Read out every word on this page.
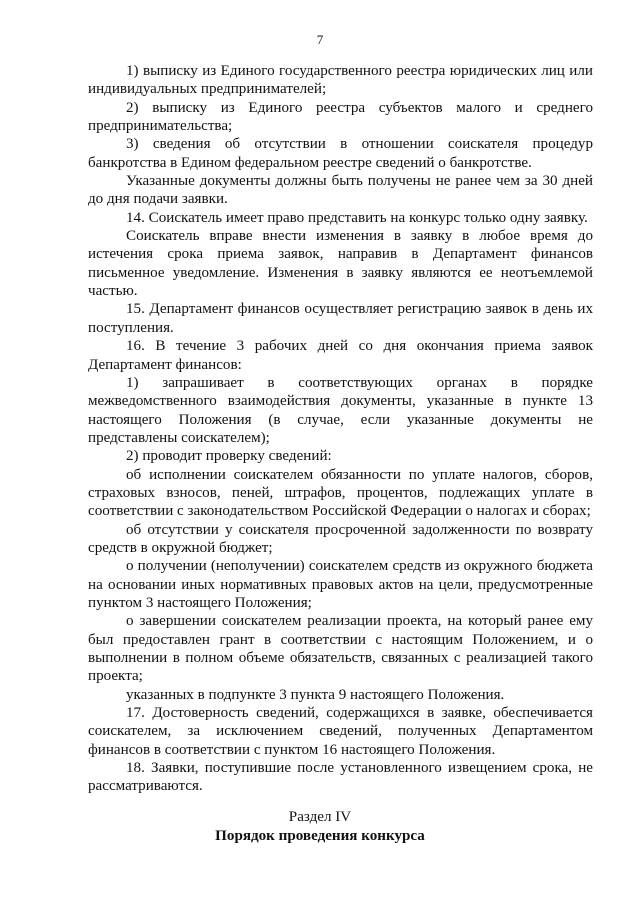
7

1) выписку из Единого государственного реестра юридических лиц или индивидуальных предпринимателей;

2) выписку из Единого реестра субъектов малого и среднего предпринимательства;

3) сведения об отсутствии в отношении соискателя процедур банкротства в Едином федеральном реестре сведений о банкротстве.

Указанные документы должны быть получены не ранее чем за 30 дней до дня подачи заявки.

14. Соискатель имеет право представить на конкурс только одну заявку.

Соискатель вправе внести изменения в заявку в любое время до истечения срока приема заявок, направив в Департамент финансов письменное уведомление. Изменения в заявку являются ее неотъемлемой частью.

15. Департамент финансов осуществляет регистрацию заявок в день их поступления.

16. В течение 3 рабочих дней со дня окончания приема заявок Департамент финансов:

1) запрашивает в соответствующих органах в порядке межведомственного взаимодействия документы, указанные в пункте 13 настоящего Положения (в случае, если указанные документы не представлены соискателем);

2) проводит проверку сведений:

об исполнении соискателем обязанности по уплате налогов, сборов, страховых взносов, пеней, штрафов, процентов, подлежащих уплате в соответствии с законодательством Российской Федерации о налогах и сборах;

об отсутствии у соискателя просроченной задолженности по возврату средств в окружной бюджет;

о получении (неполучении) соискателем средств из окружного бюджета на основании иных нормативных правовых актов на цели, предусмотренные пунктом 3 настоящего Положения;

о завершении соискателем реализации проекта, на который ранее ему был предоставлен грант в соответствии с настоящим Положением, и о выполнении в полном объеме обязательств, связанных с реализацией такого проекта;

указанных в подпункте 3 пункта 9 настоящего Положения.

17. Достоверность сведений, содержащихся в заявке, обеспечивается соискателем, за исключением сведений, полученных Департаментом финансов в соответствии с пунктом 16 настоящего Положения.

18. Заявки, поступившие после установленного извещением срока, не рассматриваются.

Раздел IV
Порядок проведения конкурса
